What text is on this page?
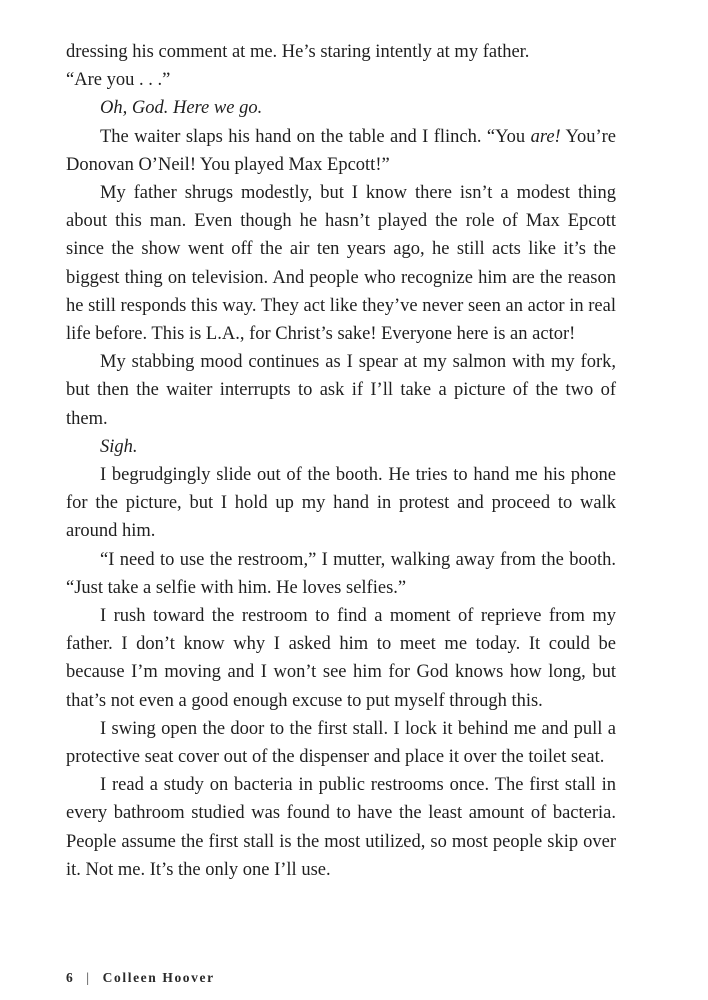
dressing his comment at me. He’s staring intently at my father.
“Are you . . .”

Oh, God. Here we go.

The waiter slaps his hand on the table and I flinch. “You are! You’re Donovan O’Neil! You played Max Epcott!”

My father shrugs modestly, but I know there isn’t a modest thing about this man. Even though he hasn’t played the role of Max Epcott since the show went off the air ten years ago, he still acts like it’s the biggest thing on television. And people who recognize him are the reason he still responds this way. They act like they’ve never seen an actor in real life before. This is L.A., for Christ’s sake! Everyone here is an actor!

My stabbing mood continues as I spear at my salmon with my fork, but then the waiter interrupts to ask if I’ll take a picture of the two of them.

Sigh.

I begrudgingly slide out of the booth. He tries to hand me his phone for the picture, but I hold up my hand in protest and proceed to walk around him.

“I need to use the restroom,” I mutter, walking away from the booth. “Just take a selfie with him. He loves selfies.”

I rush toward the restroom to find a moment of reprieve from my father. I don’t know why I asked him to meet me today. It could be because I’m moving and I won’t see him for God knows how long, but that’s not even a good enough excuse to put myself through this.

I swing open the door to the first stall. I lock it behind me and pull a protective seat cover out of the dispenser and place it over the toilet seat.

I read a study on bacteria in public restrooms once. The first stall in every bathroom studied was found to have the least amount of bacteria. People assume the first stall is the most utilized, so most people skip over it. Not me. It’s the only one I’ll use.

6 | Colleen Hoover
